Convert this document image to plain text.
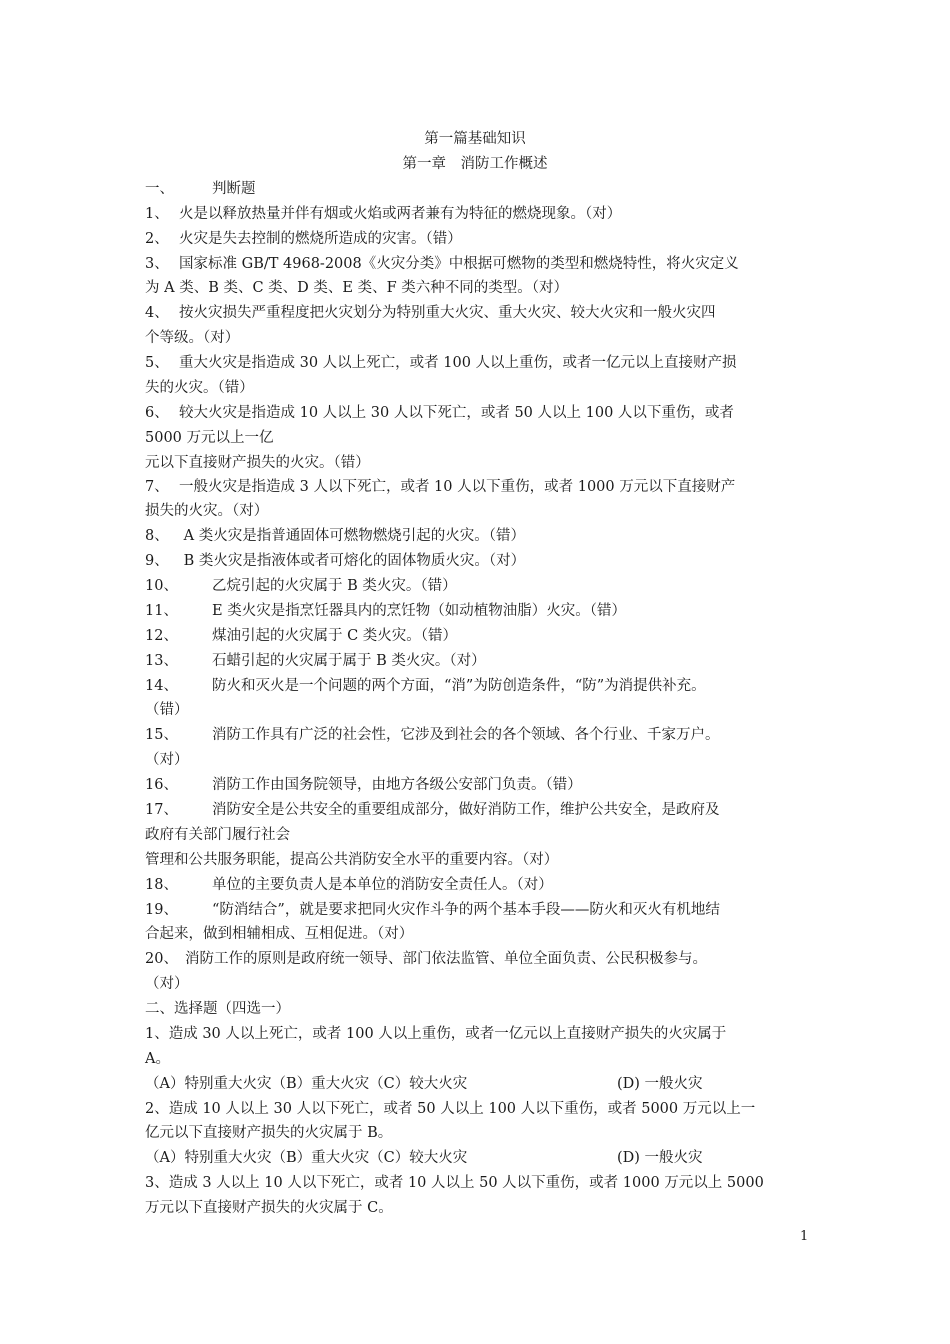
第一篇基础知识
第一章　消防工作概述
一、	判断题
1、 火是以释放热量并伴有烟或火焰或两者兼有为特征的燃烧现象。（对）
2、 火灾是失去控制的燃烧所造成的灾害。（错）
3、 国家标准 GB/T 4968-2008《火灾分类》中根据可燃物的类型和燃烧特性，将火灾定义
为 A 类、B 类、C 类、D 类、E 类、F 类六种不同的类型。（对）
4、 按火灾损失严重程度把火灾划分为特别重大火灾、重大火灾、较大火灾和一般火灾四
个等级。（对）
5、 重大火灾是指造成 30 人以上死亡，或者 100 人以上重伤，或者一亿元以上直接财产损
失的火灾。（错）
6、 较大火灾是指造成 10 人以上 30 人以下死亡，或者 50 人以上 100 人以下重伤，或者
5000 万元以上一亿
元以下直接财产损失的火灾。（错）
7、 一般火灾是指造成 3 人以下死亡，或者 10 人以下重伤，或者 1000 万元以下直接财产
损失的火灾。（对）
8、 A 类火灾是指普通固体可燃物燃烧引起的火灾。（错）
9、 B 类火灾是指液体或者可熔化的固体物质火灾。（对）
10、 乙烷引起的火灾属于 B 类火灾。（错）
11、 E 类火灾是指烹饪器具内的烹饪物（如动植物油脂）火灾。（错）
12、 煤油引起的火灾属于 C 类火灾。（错）
13、 石蜡引起的火灾属于属于 B 类火灾。（对）
14、 防火和灭火是一个问题的两个方面，“消”为防创造条件，“防”为消提供补充。
（错）
15、 消防工作具有广泛的社会性，它涉及到社会的各个领域、各个行业、千家万户。
（对）
16、 消防工作由国务院领导，由地方各级公安部门负责。（错）
17、 消防安全是公共安全的重要组成部分，做好消防工作，维护公共安全，是政府及
政府有关部门履行社会
管理和公共服务职能，提高公共消防安全水平的重要内容。（对）
18、 单位的主要负责人是本单位的消防安全责任人。（对）
19、 “防消结合”，就是要求把同火灾作斗争的两个基本手段——防火和灭火有机地结
合起来，做到相辅相成、互相促进。（对）
20、 消防工作的原则是政府统一领导、部门依法监管、单位全面负责、公民积极参与。
（对）
二、选择题（四选一）
1、造成 30 人以上死亡，或者 100 人以上重伤，或者一亿元以上直接财产损失的火灾属于
A。
（A）特别重大火灾（B）重大火灾（C）较大火灾	(D) 一般火灾
2、造成 10 人以上 30 人以下死亡，或者 50 人以上 100 人以下重伤，或者 5000 万元以上一
亿元以下直接财产损失的火灾属于 B。
（A）特别重大火灾（B）重大火灾（C）较大火灾	(D) 一般火灾
3、造成 3 人以上 10 人以下死亡，或者 10 人以上 50 人以下重伤，或者 1000 万元以上 5000
万元以下直接财产损失的火灾属于 C。
1
